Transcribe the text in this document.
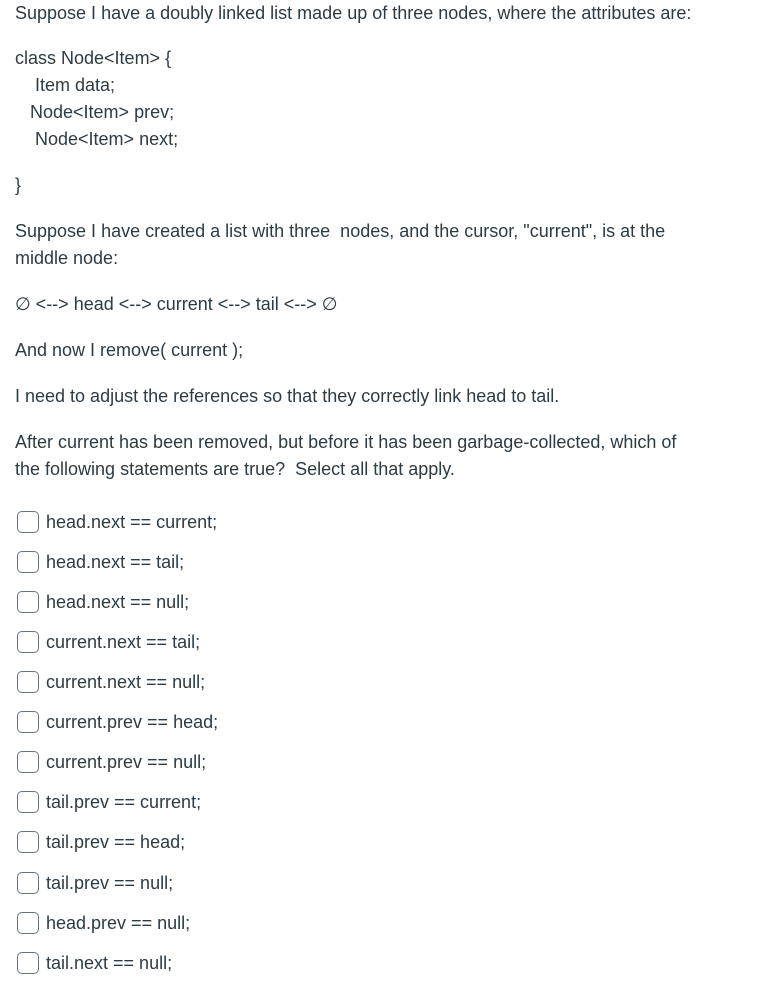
Suppose I have a doubly linked list made up of three nodes, where the attributes are:
class Node<Item> {
Item data;
Node<Item> prev;
Node<Item> next;
}
Suppose I have created a list with three  nodes, and the cursor, "current", is at the
middle node:
∅ <--> head <--> current <--> tail <--> ∅
And now I remove( current );
I need to adjust the references so that they correctly link head to tail.
After current has been removed, but before it has been garbage-collected, which of
the following statements are true?  Select all that apply.
head.next == current;
head.next == tail;
head.next == null;
current.next == tail;
current.next == null;
current.prev == head;
current.prev == null;
tail.prev == current;
tail.prev == head;
tail.prev == null;
head.prev == null;
tail.next == null;
